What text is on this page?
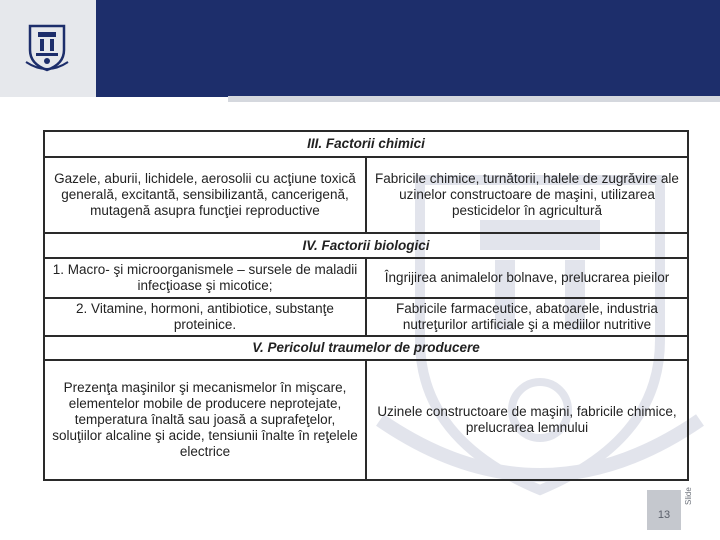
III. Factorii chimici	
Gazele, aburii, lichidele, aerosolii cu acţiune toxică generală, excitantă, sensibilizantă, cancerigenă, mutagenă asupra funcţiei reproductive	Fabricile chimice, turnătorii, halele de zugrăvire ale uzinelor constructoare de maşini, utilizarea pesticidelor în agricultură
IV. Factorii biologici	
1. Macro- şi microorganismele – sursele de maladii infecţioase şi micotice;	Îngrijirea animalelor bolnave, prelucrarea pieilor
2. Vitamine, hormoni, antibiotice, substanţe proteinice.	Fabricile farmaceutice, abatoarele, industria nutreţurilor artificiale şi a mediilor nutritive
V. Pericolul traumelor de producere	
Prezenţa maşinilor şi mecanismelor în mişcare, elementelor mobile de producere neprotejate, temperatura înaltă sau joasă a suprafeţelor, soluţiilor alcaline şi acide, tensiunii înalte în reţelele electrice	Uzinele constructoare de maşini, fabricile chimice, prelucrarea lemnului
13
Slide
